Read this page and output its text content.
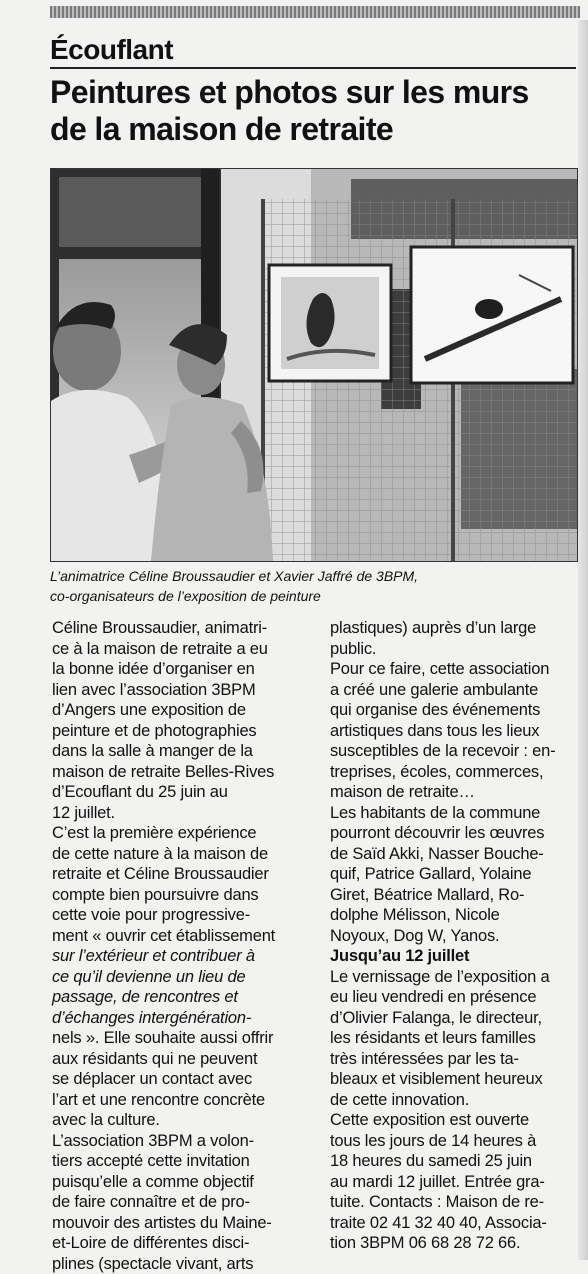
Écouflant
Peintures et photos sur les murs
de la maison de retraite

L’animatrice Céline Broussaudier et Xavier Jaffré de 3BPM,
co-organisateurs de l’exposition de peinture

Céline Broussaudier, animatri-

ce à la maison de retraite a eu

la bonne idée d’organiser en

lien avec l’association 3BPM

d’Angers une exposition de

peinture et de photographies

dans la salle à manger de la

maison de retraite Belles-Rives

d’Ecouflant du 25 juin au

12 juillet.

C’est la première expérience

de cette nature à la maison de

retraite et Céline Broussaudier

compte bien poursuivre dans

cette voie pour progressive-

ment « ouvrir cet établissement

sur l’extérieur et contribuer à

ce qu’il devienne un lieu de

passage, de rencontres et

d’échanges intergénération-

nels ». Elle souhaite aussi offrir

aux résidants qui ne peuvent

se déplacer un contact avec

l’art et une rencontre concrète

avec la culture.

L’association 3BPM a volon-

tiers accepté cette invitation

puisqu’elle a comme objectif

de faire connaître et de pro-

mouvoir des artistes du Maine-

et-Loire de différentes disci-

plines (spectacle vivant, arts

plastiques) auprès d’un large

public.

Pour ce faire, cette association

a créé une galerie ambulante

qui organise des événements

artistiques dans tous les lieux

susceptibles de la recevoir : en-

treprises, écoles, commerces,

maison de retraite…

Les habitants de la commune

pourront découvrir les œuvres

de Saïd Akki, Nasser Bouche-

quif, Patrice Gallard, Yolaine

Giret, Béatrice Mallard, Ro-

dolphe Mélisson, Nicole

Noyoux, Dog W, Yanos.

Jusqu’au 12 juillet

Le vernissage de l’exposition a

eu lieu vendredi en présence

d’Olivier Falanga, le directeur,

les résidants et leurs familles

très intéressées par les ta-

bleaux et visiblement heureux

de cette innovation.

Cette exposition est ouverte

tous les jours de 14 heures à

18 heures du samedi 25 juin

au mardi 12 juillet. Entrée gra-

tuite. Contacts : Maison de re-

traite 02 41 32 40 40, Associa-

tion 3BPM 06 68 28 72 66.
